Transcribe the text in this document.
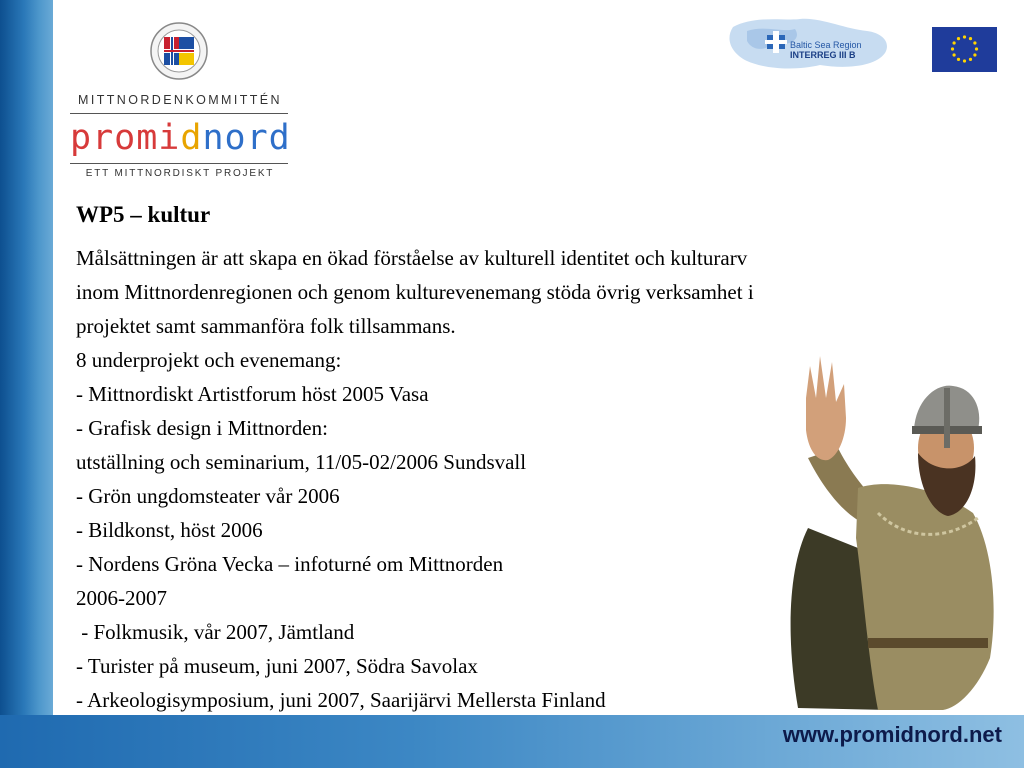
www.promidnord.net
MITTNORDENKOMMITTÉN
promidnord
ETT MITTNORDISKT PROJEKT
Baltic Sea Region
INTERREG III B
WP5 – kultur
Målsättningen är att skapa en ökad förståelse av kulturell identitet och kulturarv
inom Mittnordenregionen och genom kulturevenemang stöda övrig verksamhet i
projektet samt sammanföra folk tillsammans.
8 underprojekt och evenemang:
- Mittnordiskt Artistforum höst 2005 Vasa
- Grafisk design i Mittnorden:
utställning och seminarium, 11/05-02/2006 Sundsvall
- Grön ungdomsteater vår 2006
- Bildkonst, höst 2006
- Nordens Gröna Vecka – infoturné om Mittnorden
2006-2007
- Folkmusik, vår 2007, Jämtland
- Turister på museum, juni 2007, Södra Savolax
- Arkeologisymposium, juni 2007, Saarijärvi Mellersta Finland
